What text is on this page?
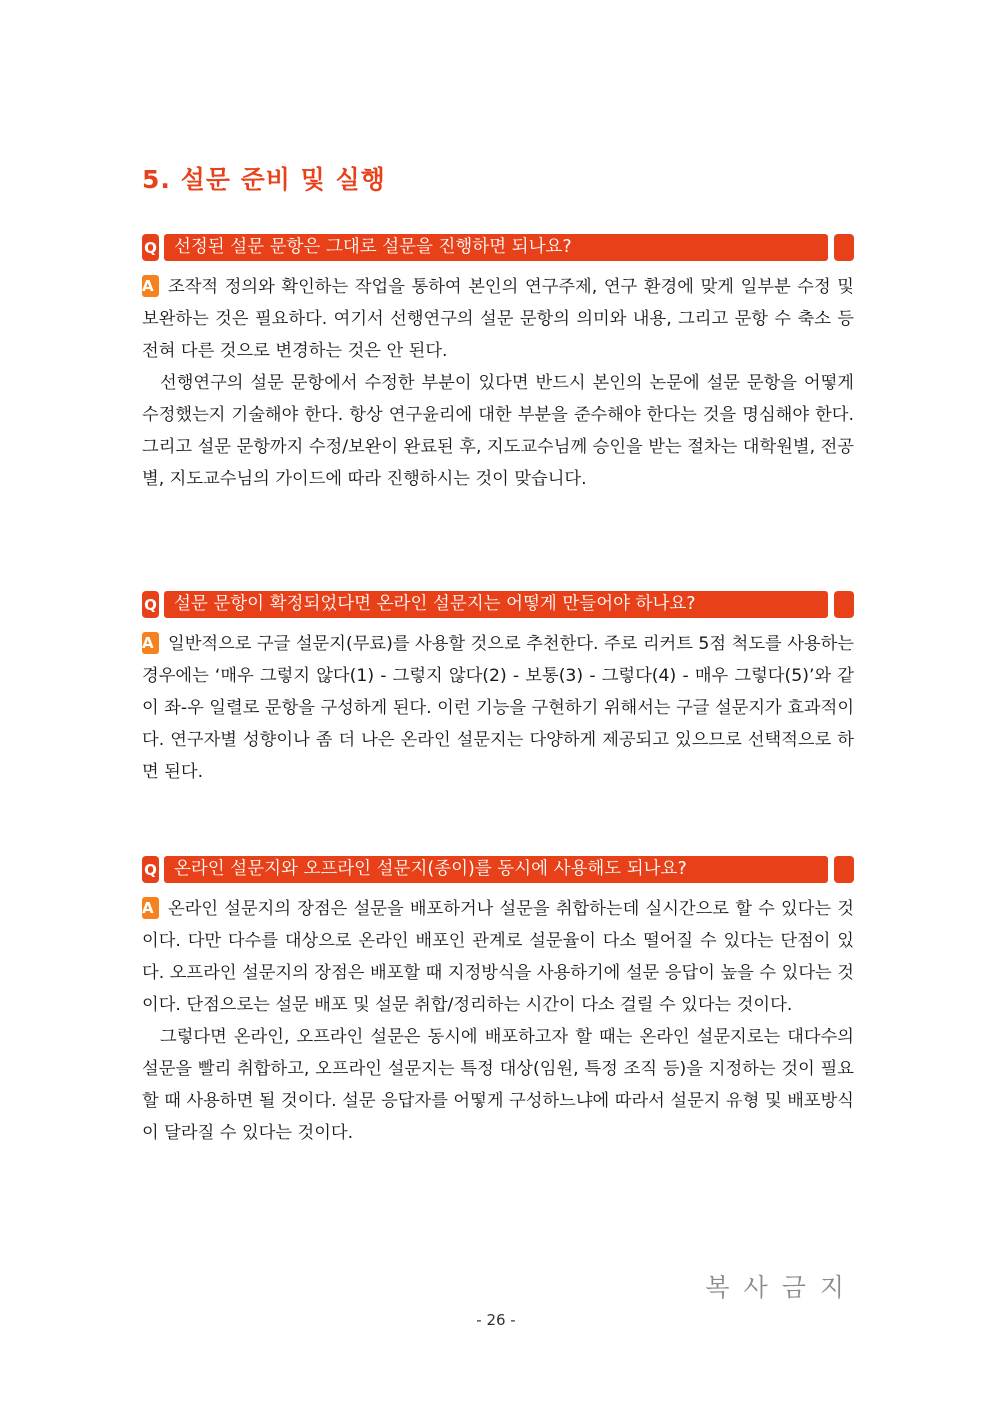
5. 설문 준비 및 실행
Q 선정된 설문 문항은 그대로 설문을 진행하면 되나요?

A 조작적 정의와 확인하는 작업을 통하여 본인의 연구주제, 연구 환경에 맞게 일부분 수정 및 보완하는 것은 필요하다. 여기서 선행연구의 설문 문항의 의미와 내용, 그리고 문항 수 축소 등 전혀 다른 것으로 변경하는 것은 안 된다.

선행연구의 설문 문항에서 수정한 부분이 있다면 반드시 본인의 논문에 설문 문항을 어떻게 수정했는지 기술해야 한다. 항상 연구윤리에 대한 부분을 준수해야 한다는 것을 명심해야 한다. 그리고 설문 문항까지 수정/보완이 완료된 후, 지도교수님께 승인을 받는 절차는 대학원별, 전공별, 지도교수님의 가이드에 따라 진행하시는 것이 맞습니다.

Q 설문 문항이 확정되었다면 온라인 설문지는 어떻게 만들어야 하나요?

A 일반적으로 구글 설문지(무료)를 사용할 것으로 추천한다. 주로 리커트 5점 척도를 사용하는 경우에는 ‘매우 그렇지 않다(1) - 그렇지 않다(2) - 보통(3) - 그렇다(4) - 매우 그렇다(5)’와 같이 좌-우 일렬로 문항을 구성하게 된다. 이런 기능을 구현하기 위해서는 구글 설문지가 효과적이다. 연구자별 성향이나 좀 더 나은 온라인 설문지는 다양하게 제공되고 있으므로 선택적으로 하면 된다.

Q 온라인 설문지와 오프라인 설문지(종이)를 동시에 사용해도 되나요?

A 온라인 설문지의 장점은 설문을 배포하거나 설문을 취합하는데 실시간으로 할 수 있다는 것이다. 다만 다수를 대상으로 온라인 배포인 관계로 설문율이 다소 떨어질 수 있다는 단점이 있다. 오프라인 설문지의 장점은 배포할 때 지정방식을 사용하기에 설문 응답이 높을 수 있다는 것이다. 단점으로는 설문 배포 및 설문 취합/정리하는 시간이 다소 걸릴 수 있다는 것이다.

그렇다면 온라인, 오프라인 설문은 동시에 배포하고자 할 때는 온라인 설문지로는 대다수의 설문을 빨리 취합하고, 오프라인 설문지는 특정 대상(임원, 특정 조직 등)을 지정하는 것이 필요할 때 사용하면 될 것이다. 설문 응답자를 어떻게 구성하느냐에 따라서 설문지 유형 및 배포방식이 달라질 수 있다는 것이다.

복사금지
- 26 -
